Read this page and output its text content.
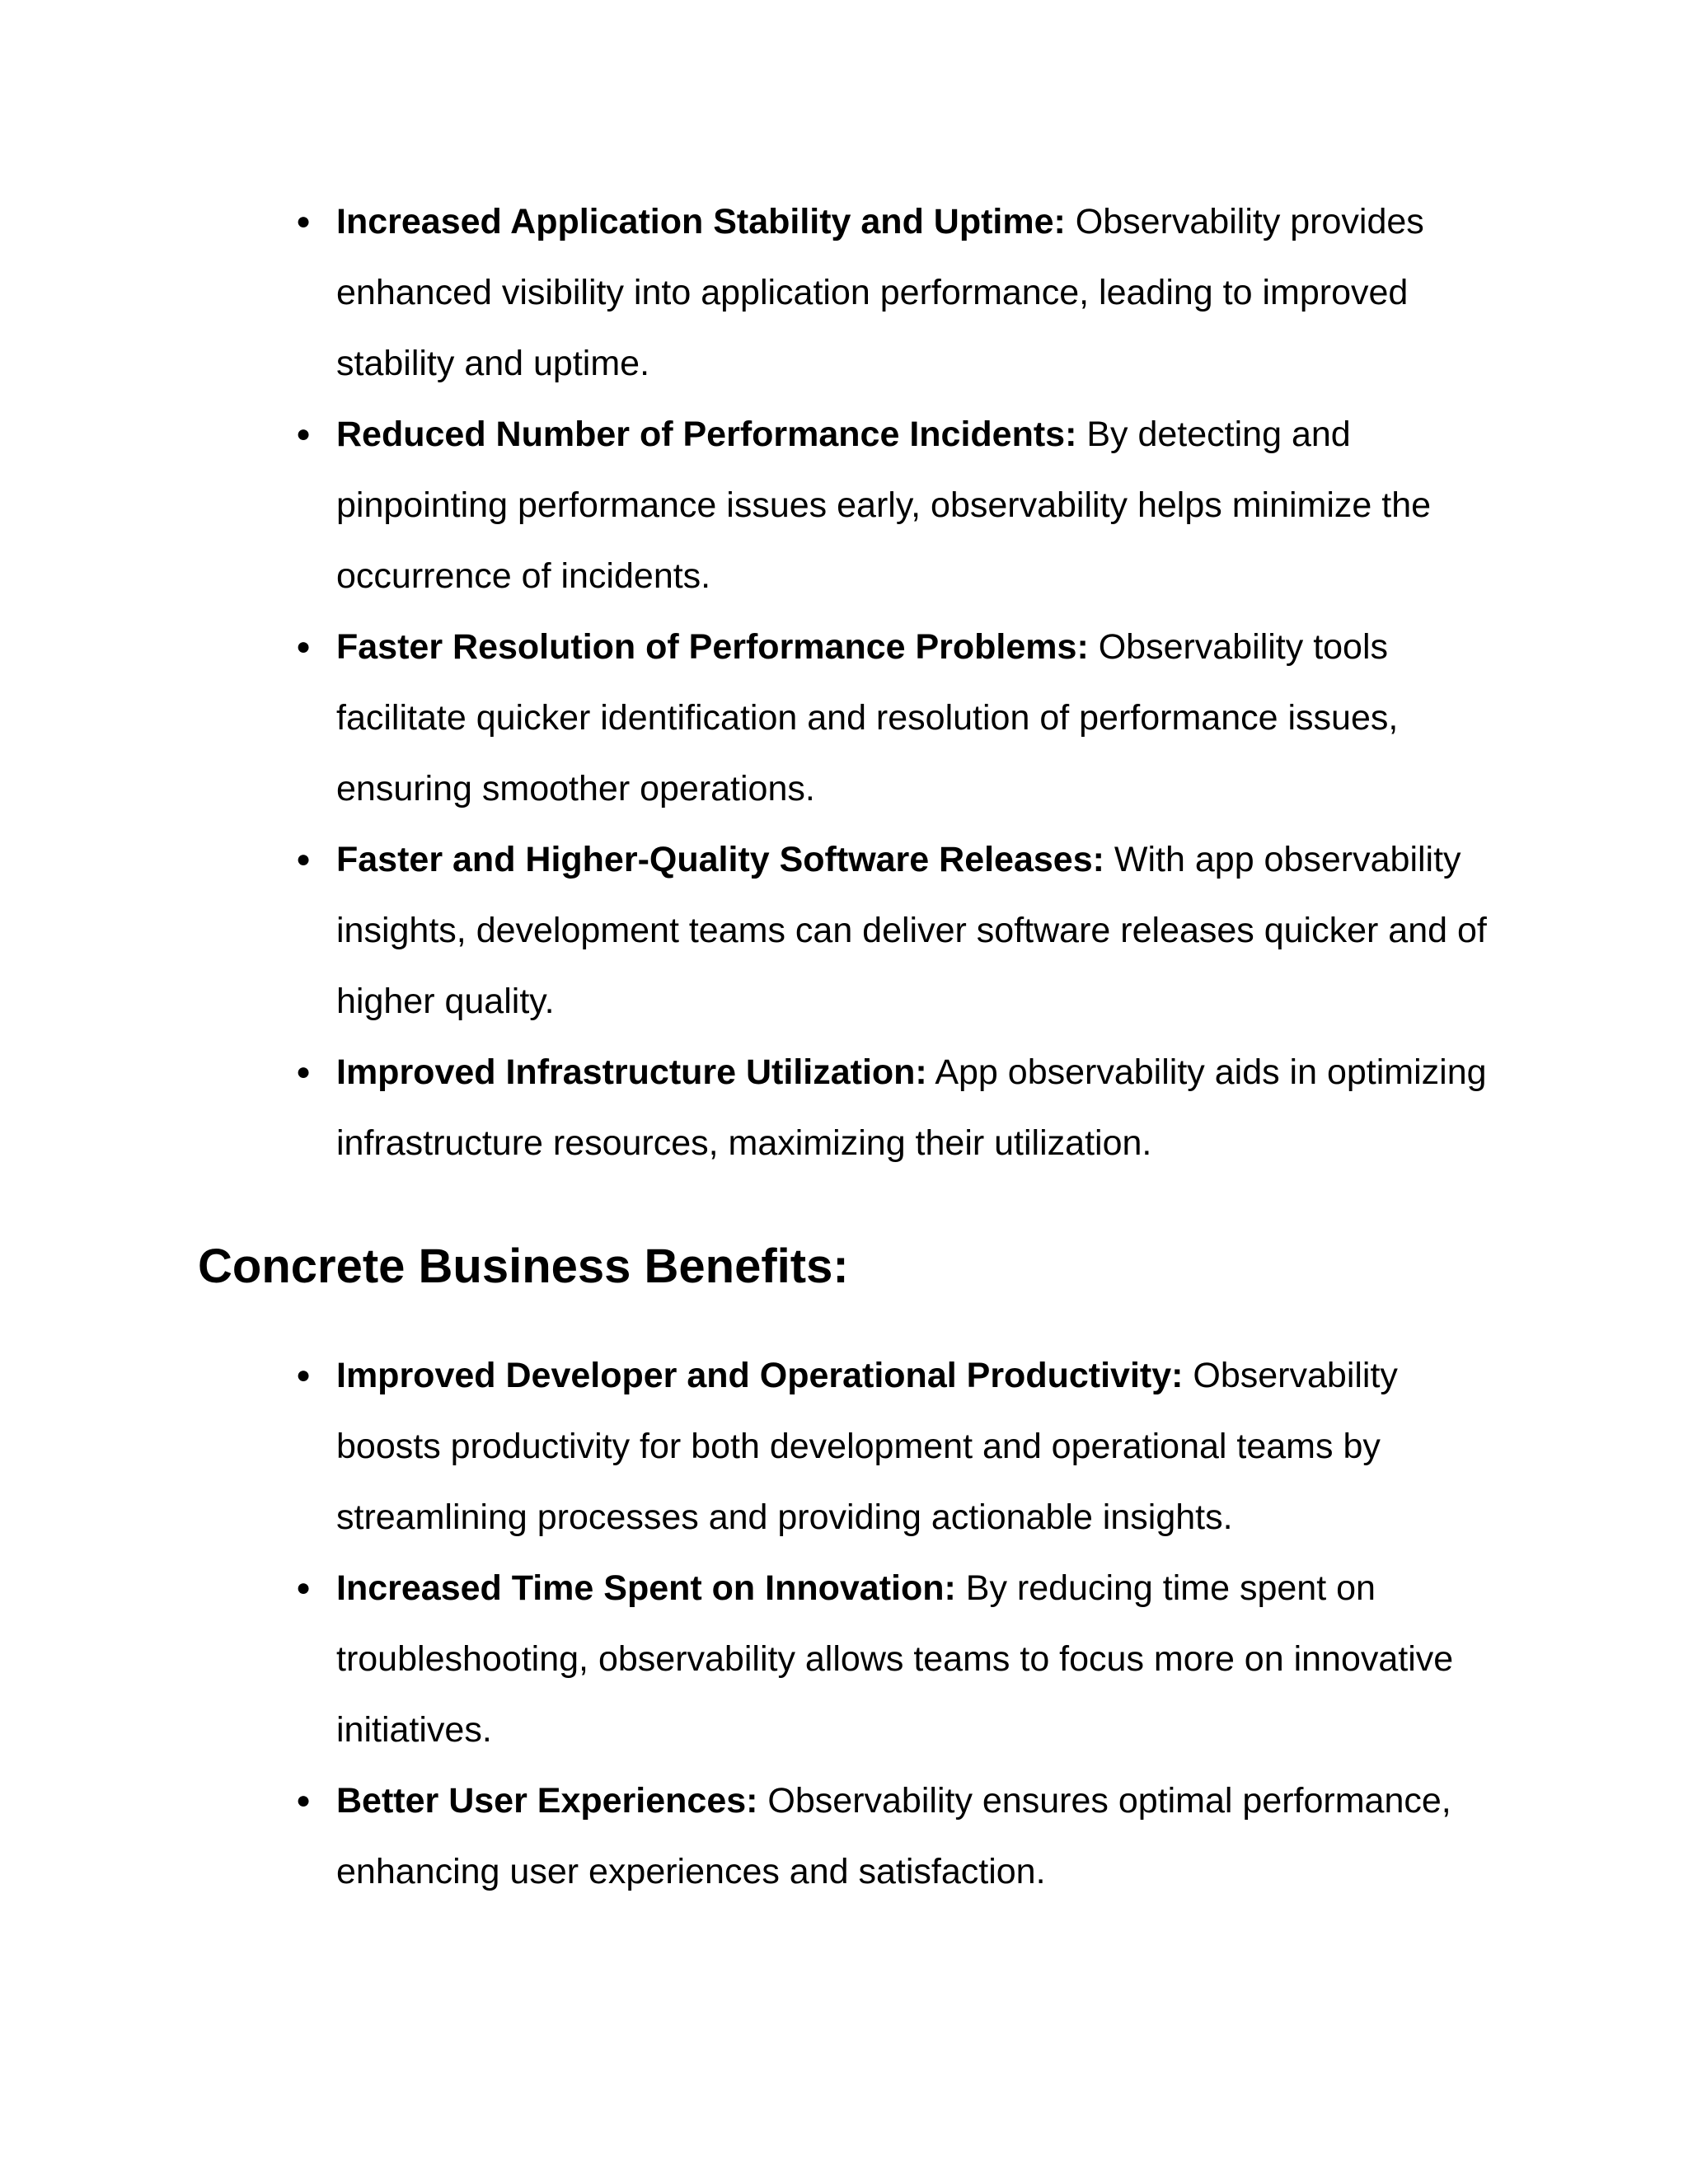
● Increased Application Stability and Uptime: Observability provides enhanced visibility into application performance, leading to improved stability and uptime.
● Reduced Number of Performance Incidents: By detecting and pinpointing performance issues early, observability helps minimize the occurrence of incidents.
● Faster Resolution of Performance Problems: Observability tools facilitate quicker identification and resolution of performance issues, ensuring smoother operations.
● Faster and Higher-Quality Software Releases: With app observability insights, development teams can deliver software releases quicker and of higher quality.
● Improved Infrastructure Utilization: App observability aids in optimizing infrastructure resources, maximizing their utilization.
Concrete Business Benefits:
● Improved Developer and Operational Productivity: Observability boosts productivity for both development and operational teams by streamlining processes and providing actionable insights.
● Increased Time Spent on Innovation: By reducing time spent on troubleshooting, observability allows teams to focus more on innovative initiatives.
● Better User Experiences: Observability ensures optimal performance, enhancing user experiences and satisfaction.
